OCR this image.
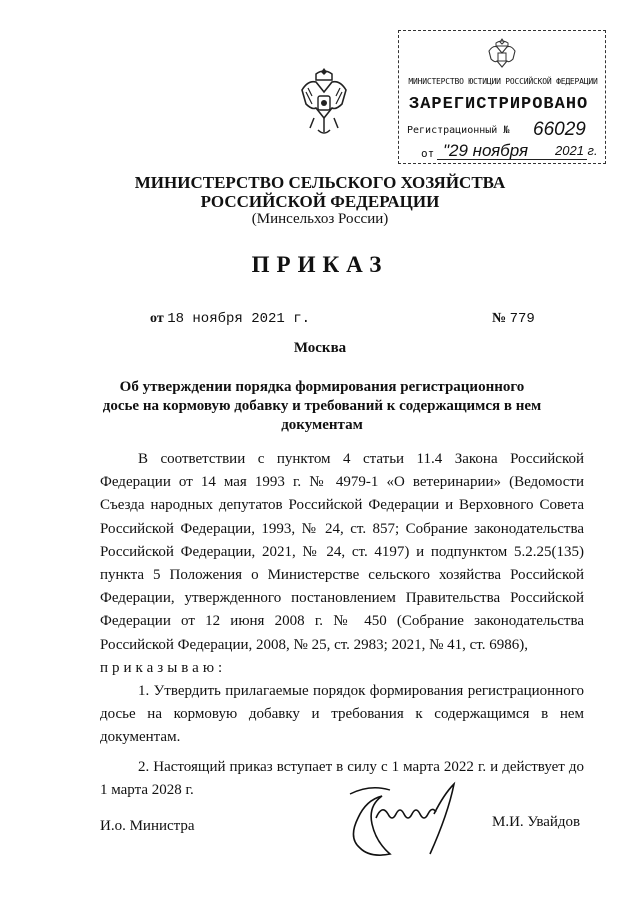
МИНИСТЕРСТВО ЮСТИЦИИ РОССИЙСКОЙ ФЕДЕРАЦИИ
ЗАРЕГИСТРИРОВАНО
Регистрационный № 66029
от "29 ноября 2021 г.
МИНИСТЕРСТВО СЕЛЬСКОГО ХОЗЯЙСТВА
РОССИЙСКОЙ ФЕДЕРАЦИИ
(Минсельхоз России)
ПРИКАЗ
от 18 ноября 2021 г.	№ 779
Москва
Об утверждении порядка формирования регистрационного досье на кормовую добавку и требований к содержащимся в нем документам
В соответствии с пунктом 4 статьи 11.4 Закона Российской Федерации от 14 мая 1993 г. № 4979-1 «О ветеринарии» (Ведомости Съезда народных депутатов Российской Федерации и Верховного Совета Российской Федерации, 1993, № 24, ст. 857; Собрание законодательства Российской Федерации, 2021, № 24, ст. 4197) и подпунктом 5.2.25(135) пункта 5 Положения о Министерстве сельского хозяйства Российской Федерации, утвержденного постановлением Правительства Российской Федерации от 12 июня 2008 г. № 450 (Собрание законодательства Российской Федерации, 2008, № 25, ст. 2983; 2021, № 41, ст. 6986),
приказываю:
1. Утвердить прилагаемые порядок формирования регистрационного досье на кормовую добавку и требования к содержащимся в нем документам.
2. Настоящий приказ вступает в силу с 1 марта 2022 г. и действует до 1 марта 2028 г.
И.о. Министра	М.И. Увайдов
